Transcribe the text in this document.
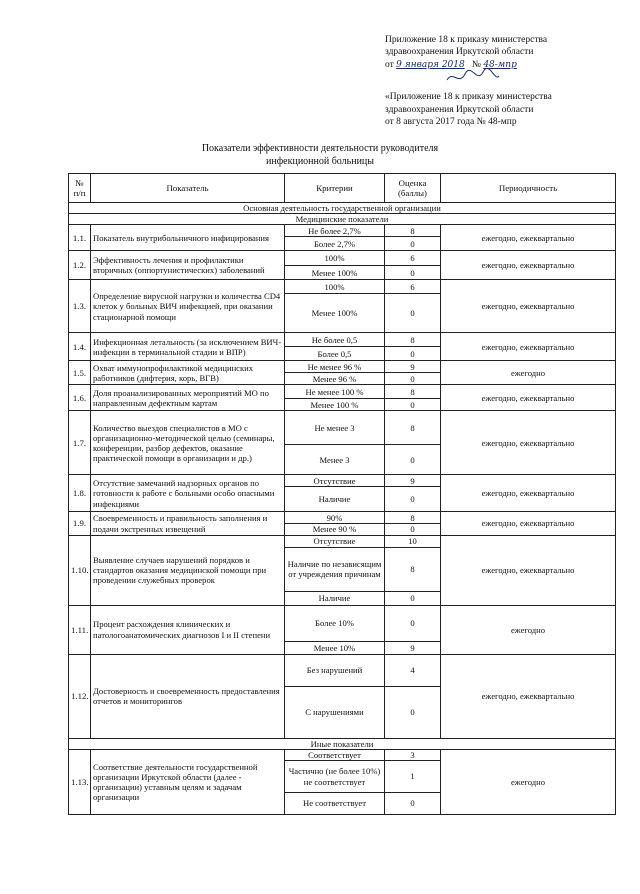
Приложение 18 к приказу министерства
здравоохранения Иркутской области
от 9 января 2018 № 48-мпр
«Приложение 18 к приказу министерства
здравоохранения Иркутской области
от 8 августа 2017 года № 48-мпр
Показатели эффективности деятельности руководителя
инфекционной больницы
№ п/п	Показатель	Критерии	Оценка (баллы)	Периодичность
Основная деятельность государственной организации				
Медицинские показатели				
1.1.	Показатель внутрибольничного инфицирования	Не более 2,7%	8	ежегодно, ежеквартально
		Более 2,7%	0	
1.2.	Эффективность лечения и профилактики вторичных (оппортунистических) заболеваний	100%	6	ежегодно, ежеквартально
		Менее 100%	0	
1.3.	Определение вирусной нагрузки и количества CD4 клеток у больных ВИЧ инфекцией, при оказании стационарной помощи	100%	6	ежегодно, ежеквартально
		Менее 100%	0	
1.4.	Инфекционная летальность (за исключением ВИЧ-инфекции в терминальной стадии и ВПР)	Не более 0,5	8	ежегодно, ежеквартально
		Более 0,5	0	
1.5.	Охват иммунопрофилактикой медицинских работников (дифтерия, корь, ВГВ)	Не менее 96 %	9	ежегодно
		Менее 96 %	0	
1.6.	Доля проанализированных мероприятий МО по направленным дефектным картам	Не менее 100 %	8	ежегодно, ежеквартально
		Менее 100 %	0	
1.7.	Количество выездов специалистов в МО с организационно-методической целью (семинары, конференции, разбор дефектов, оказание практической помощи в организации и др.)	Не менее 3	8	ежегодно, ежеквартально
		Менее 3	0	
1.8.	Отсутствие замечаний надзорных органов по готовности к работе с больными особо опасными инфекциями	Отсутствие	9	ежегодно, ежеквартально
		Наличие	0	
1.9.	Своевременность и правильность заполнения и подачи экстренных извещений	90%	8	ежегодно, ежеквартально
		Менее 90 %	0	
1.10.	Выявление случаев нарушений порядков и стандартов оказания медицинской помощи при проведении служебных проверок	Отсутствие	10	ежегодно, ежеквартально
		Наличие по независящим от учреждения причинам	8	
		Наличие	0	
1.11.	Процент расхождения клинических и патологоанатомических диагнозов I и II степени	Более 10%	0	ежегодно
		Менее 10%	9	
1.12.	Достоверность и своевременность предоставления отчетов и мониторингов	Без нарушений	4	ежегодно, ежеквартально
		С нарушениями	0	
Иные показатели				
1.13.	Соответствие деятельности государственной организации Иркутской области (далее - организации) уставным целям и задачам организации	Соответствует	3	ежегодно
		Частично (не более 10%) не соответствует	1	
		Не соответствует	0	
